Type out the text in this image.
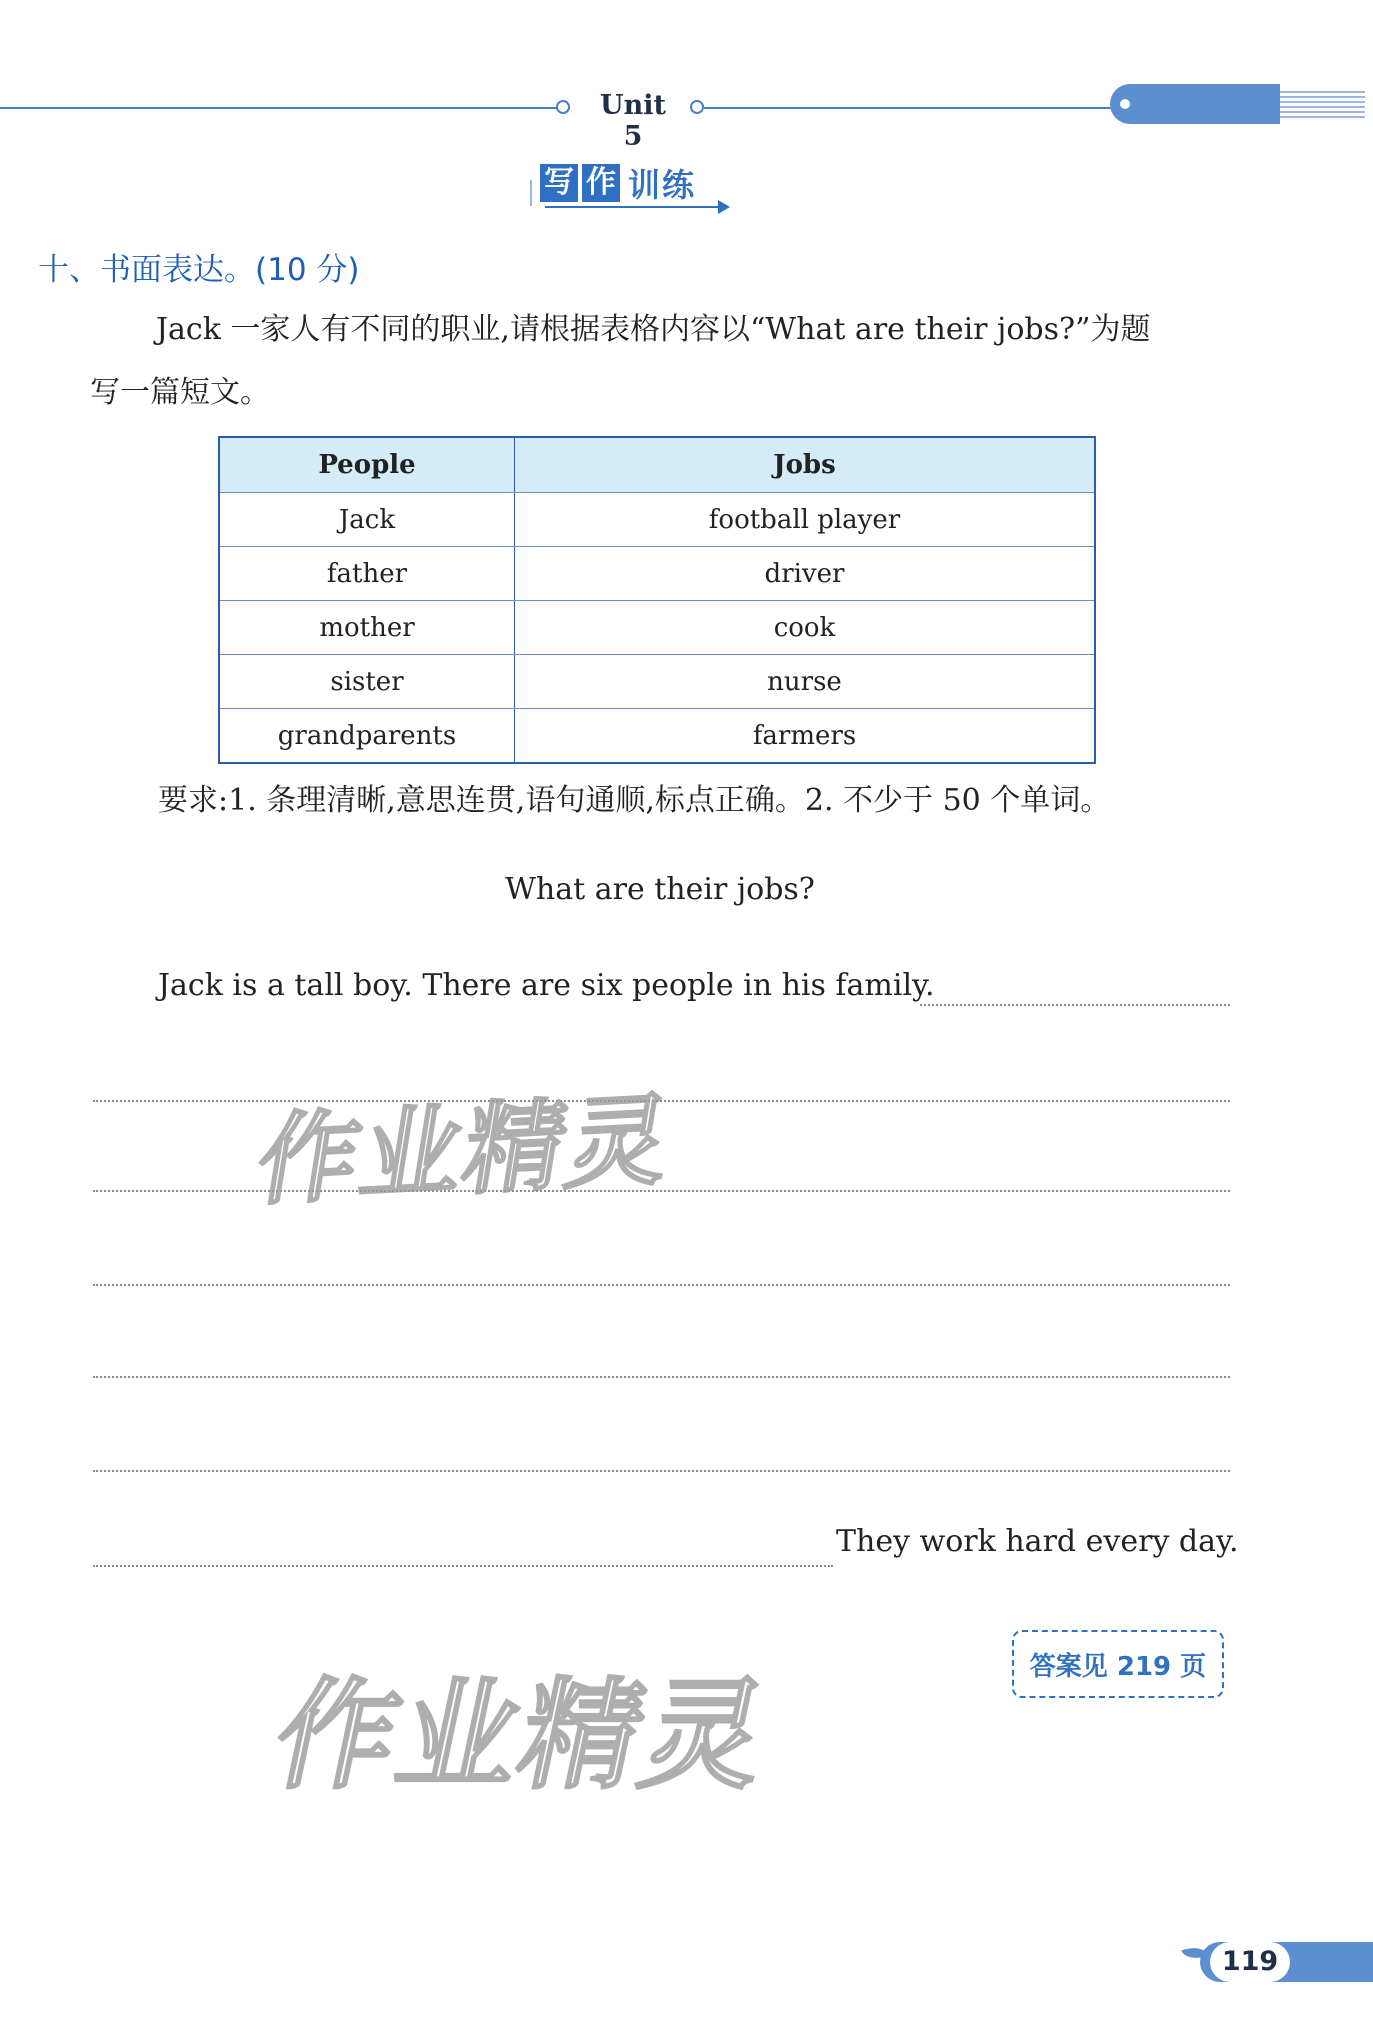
Unit 5
写 作 训练
十、书面表达。(10 分)
Jack 一家人有不同的职业,请根据表格内容以“What are their jobs?”为题
写一篇短文。
People	Jobs
Jack	football player
father	driver
mother	cook
sister	nurse
grandparents	farmers
要求:1. 条理清晰,意思连贯,语句通顺,标点正确。2. 不少于 50 个单词。
What are their jobs?
Jack is a tall boy. There are six people in his family.
They work hard every day.
答案见 219 页
作业精灵
作业精灵
119
